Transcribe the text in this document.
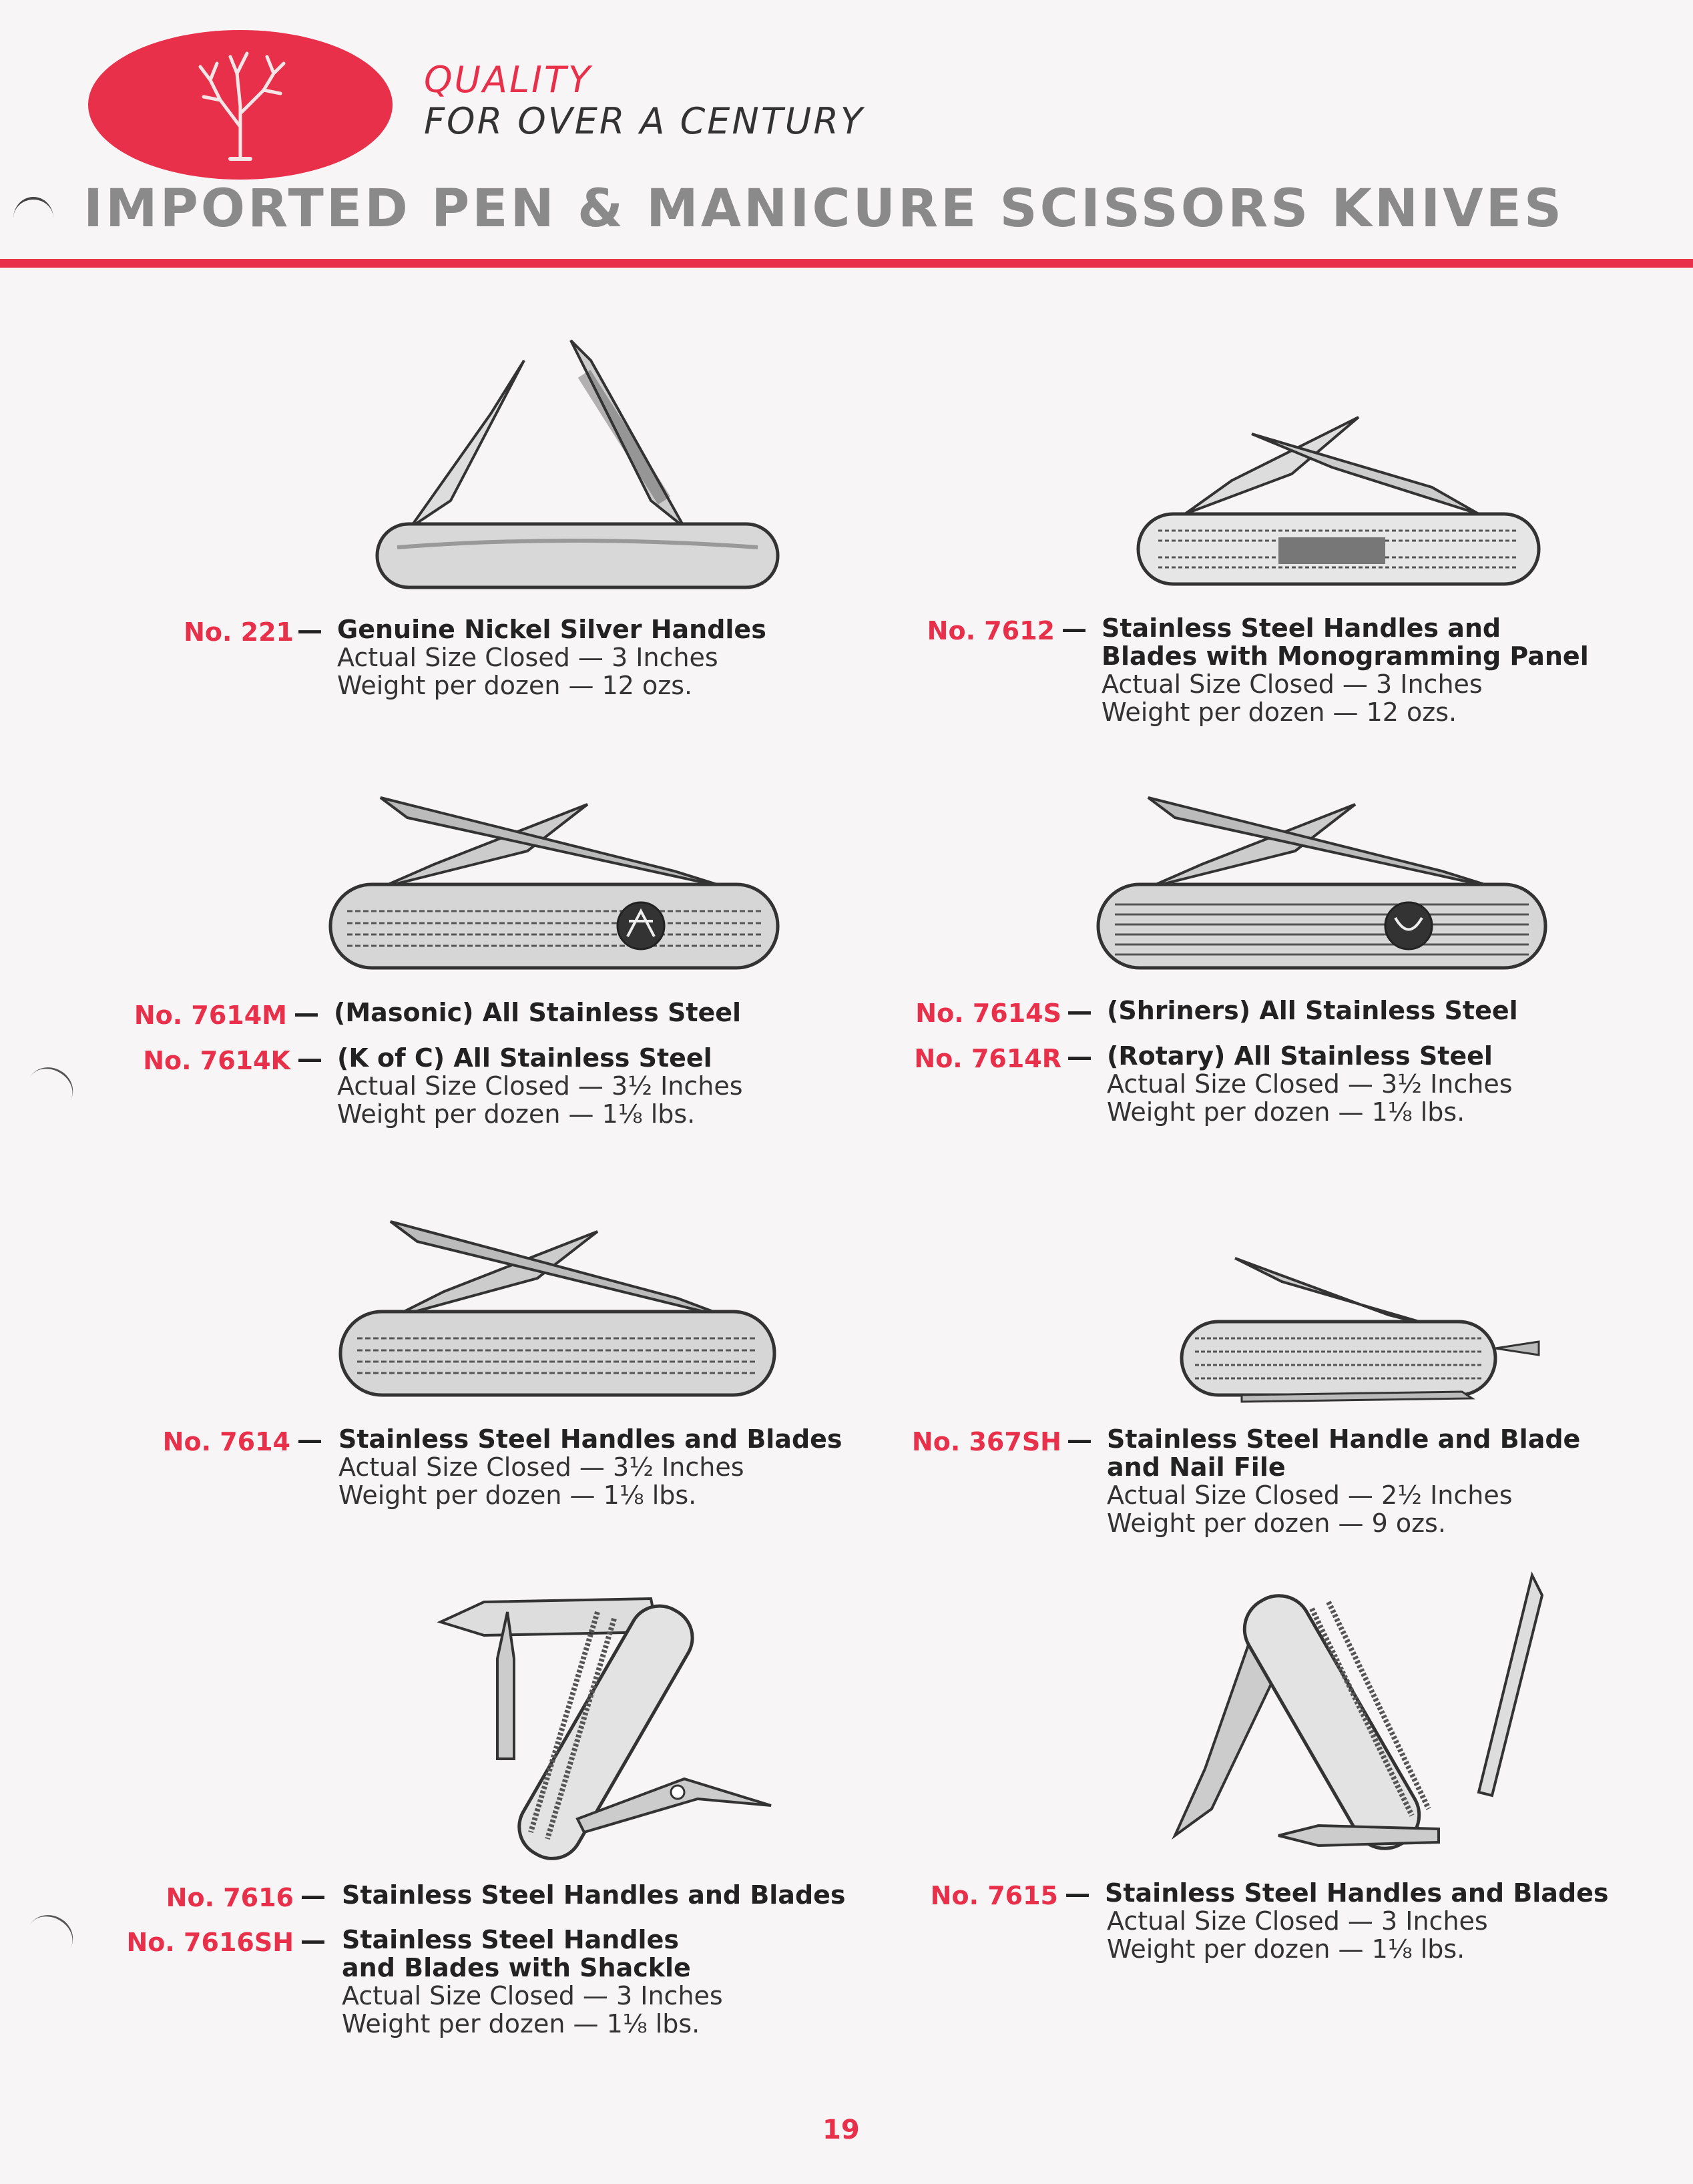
QUALITY
FOR OVER A CENTURY
IMPORTED PEN & MANICURE SCISSORS KNIVES
No. 221 — Genuine Nickel Silver Handles
Actual Size Closed — 3 Inches
Weight per dozen — 12 ozs.
No. 7612 — Stainless Steel Handles and
Blades with Monogramming Panel
Actual Size Closed — 3 Inches
Weight per dozen — 12 ozs.
No. 7614M — (Masonic) All Stainless Steel
No. 7614K — (K of C) All Stainless Steel
Actual Size Closed — 3½ Inches
Weight per dozen — 1⅛ lbs.
No. 7614S — (Shriners) All Stainless Steel
No. 7614R — (Rotary) All Stainless Steel
Actual Size Closed — 3½ Inches
Weight per dozen — 1⅛ lbs.
No. 7614 — Stainless Steel Handles and Blades
Actual Size Closed — 3½ Inches
Weight per dozen — 1⅛ lbs.
No. 367SH — Stainless Steel Handle and Blade
and Nail File
Actual Size Closed — 2½ Inches
Weight per dozen — 9 ozs.
No. 7616 — Stainless Steel Handles and Blades
No. 7616SH — Stainless Steel Handles
and Blades with Shackle
Actual Size Closed — 3 Inches
Weight per dozen — 1⅛ lbs.
No. 7615 — Stainless Steel Handles and Blades
Actual Size Closed — 3 Inches
Weight per dozen — 1⅛ lbs.
19
